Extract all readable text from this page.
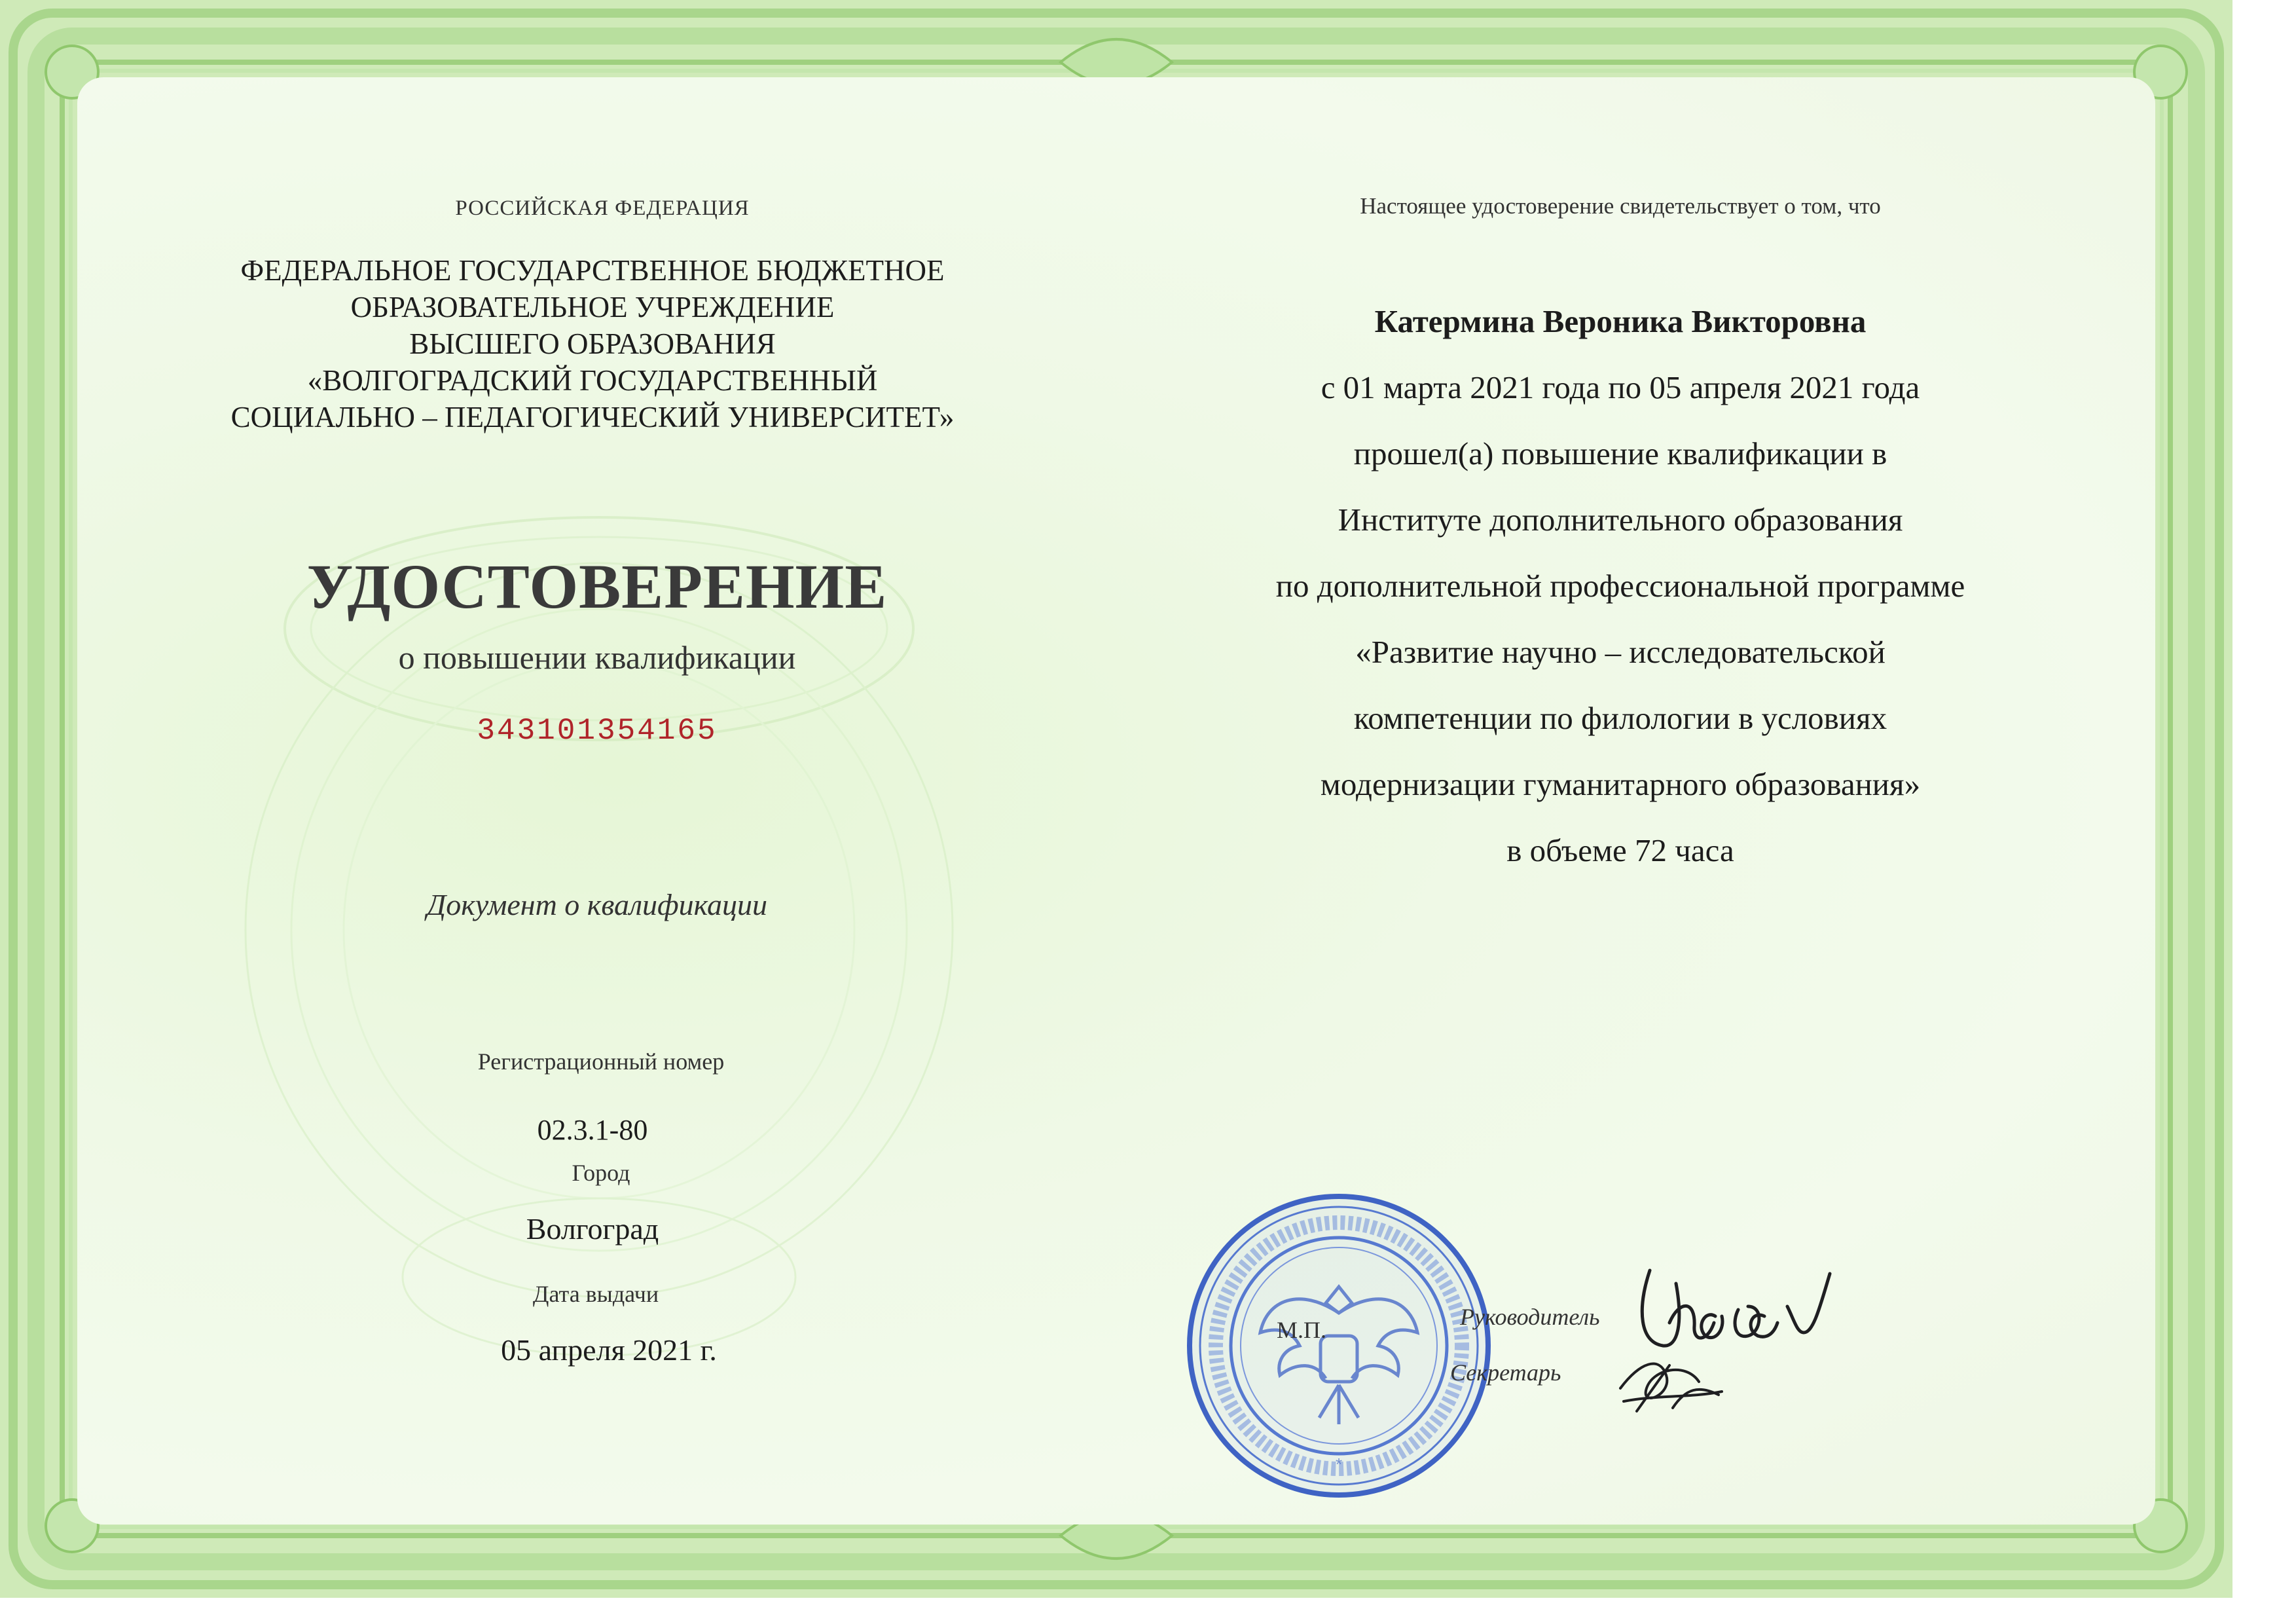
РОССИЙСКАЯ ФЕДЕРАЦИЯ
ФЕДЕРАЛЬНОЕ ГОСУДАРСТВЕННОЕ БЮДЖЕТНОЕ
ОБРАЗОВАТЕЛЬНОЕ УЧРЕЖДЕНИЕ
ВЫСШЕГО ОБРАЗОВАНИЯ
«ВОЛГОГРАДСКИЙ ГОСУДАРСТВЕННЫЙ
СОЦИАЛЬНО – ПЕДАГОГИЧЕСКИЙ УНИВЕРСИТЕТ»
УДОСТОВЕРЕНИЕ
о повышении квалификации
343101354165
Документ о квалификации
Регистрационный номер
02.3.1-80
Город
Волгоград
Дата выдачи
05 апреля 2021 г.
Настоящее удостоверение свидетельствует о том, что
Катермина Вероника Викторовна
с 01 марта 2021 года по 05 апреля 2021 года
прошел(а) повышение квалификации в
Институте дополнительного образования
по дополнительной профессиональной программе
«Развитие научно – исследовательской
компетенции по филологии в условиях
модернизации гуманитарного образования»
в объеме 72 часа
*
М.П.	Руководитель
Секретарь
